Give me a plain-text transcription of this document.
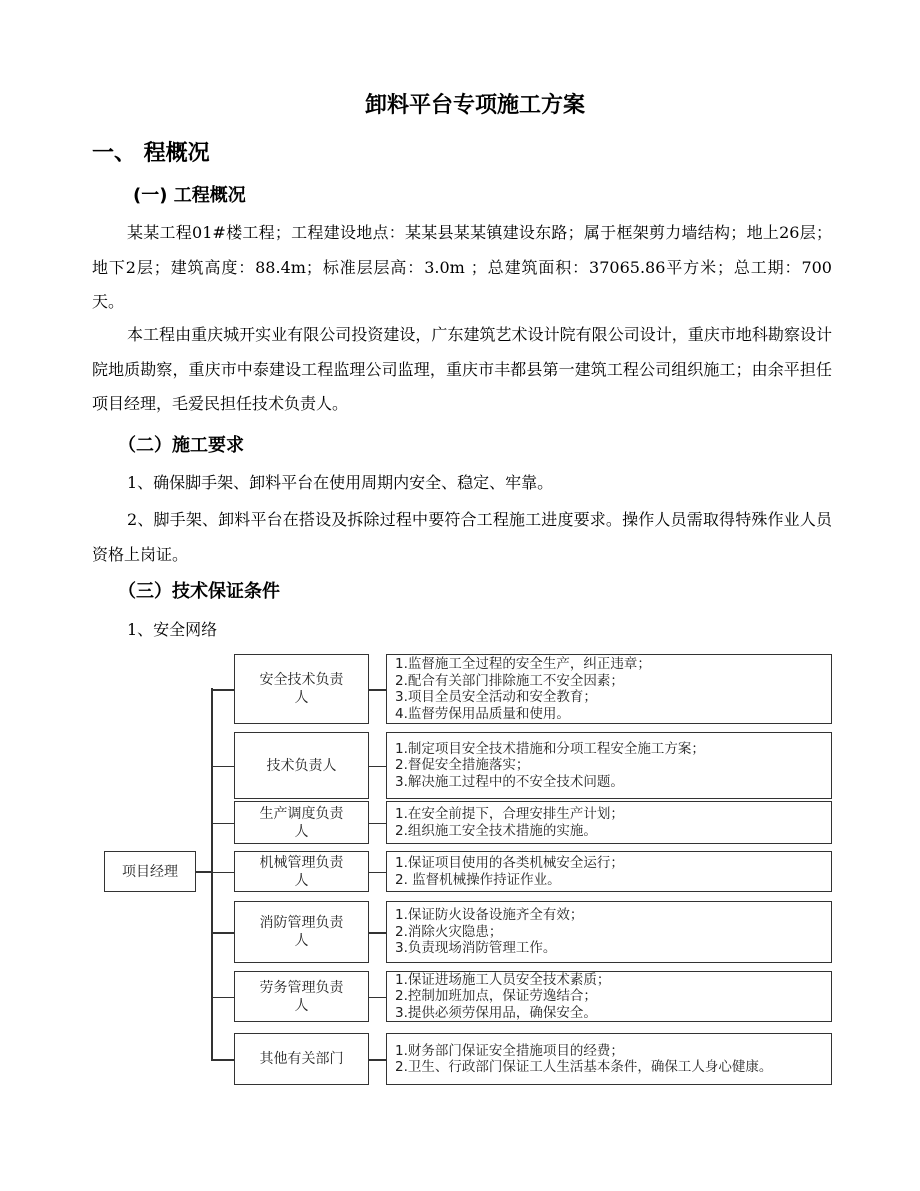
卸料平台专项施工方案
一、 程概况
(一) 工程概况
某某工程01#楼工程；工程建设地点：某某县某某镇建设东路；属于框架剪力墙结构；地上26层；地下2层；建筑高度：88.4m；标准层层高：3.0m ；总建筑面积：37065.86平方米；总工期：700天。
本工程由重庆城开实业有限公司投资建设，广东建筑艺术设计院有限公司设计，重庆市地科勘察设计院地质勘察，重庆市中泰建设工程监理公司监理，重庆市丰都县第一建筑工程公司组织施工；由余平担任项目经理，毛爱民担任技术负责人。
（二）施工要求
1、确保脚手架、卸料平台在使用周期内安全、稳定、牢靠。
2、脚手架、卸料平台在搭设及拆除过程中要符合工程施工进度要求。操作人员需取得特殊作业人员资格上岗证。
（三）技术保证条件
1、安全网络
项目经理
安全技术负责人
1.监督施工全过程的安全生产，纠正违章；
2.配合有关部门排除施工不安全因素；
3.项目全员安全活动和安全教育；
4.监督劳保用品质量和使用。
技术负责人
1.制定项目安全技术措施和分项工程安全施工方案；
2.督促安全措施落实；
3.解决施工过程中的不安全技术问题。
生产调度负责人
1.在安全前提下，合理安排生产计划；
2.组织施工安全技术措施的实施。
机械管理负责人
1.保证项目使用的各类机械安全运行；
2. 监督机械操作持证作业。
消防管理负责人
1.保证防火设备设施齐全有效；
2.消除火灾隐患；
3.负责现场消防管理工作。
劳务管理负责人
1.保证进场施工人员安全技术素质；
2.控制加班加点，保证劳逸结合；
3.提供必须劳保用品，确保安全。
其他有关部门
1.财务部门保证安全措施项目的经费；
2.卫生、行政部门保证工人生活基本条件，确保工人身心健康。
